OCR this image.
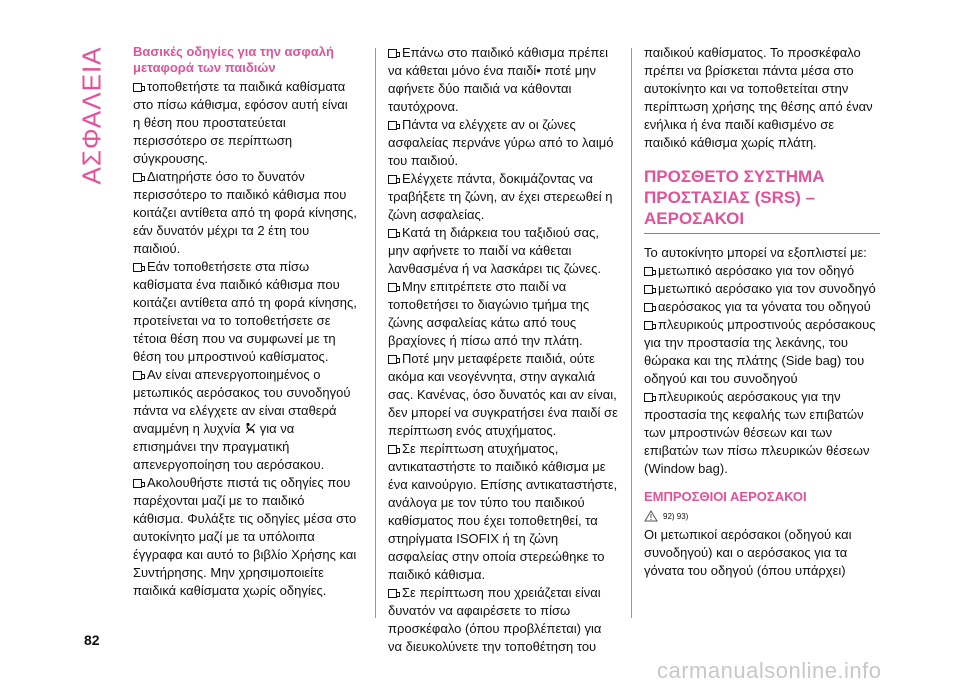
ΑΣΦΑΛΕΙΑ Βασικές οδηγίες για την ασφαλή μεταφορά των παιδιών

τοποθετήστε τα παιδικά καθίσματα στο πίσω κάθισμα, εφόσον αυτή είναι η θέση που προστατεύεται περισσότερο σε περίπτωση σύγκρουσης.

Διατηρήστε όσο το δυνατόν περισσότερο το παιδικό κάθισμα που κοιτάζει αντίθετα από τη φορά κίνησης, εάν δυνατόν μέχρι τα 2 έτη του παιδιού.

Εάν τοποθετήσετε στα πίσω καθίσματα ένα παιδικό κάθισμα που κοιτάζει αντίθετα από τη φορά κίνησης, προτείνεται να το τοποθετήσετε σε τέτοια θέση που να συμφωνεί με τη θέση του μπροστινού καθίσματος.

Αν είναι απενεργοποιημένος ο μετωπικός αερόσακος του συνοδηγού πάντα να ελέγχετε αν είναι σταθερά αναμμένη η λυχνία για να επισημάνει την πραγματική απενεργοποίηση του αερόσακου.

Ακολουθήστε πιστά τις οδηγίες που παρέχονται μαζί με το παιδικό κάθισμα. Φυλάξτε τις οδηγίες μέσα στο αυτοκίνητο μαζί με τα υπόλοιπα έγγραφα και αυτό το βιβλίο Χρήσης και Συντήρησης. Μην χρησιμοποιείτε παιδικά καθίσματα χωρίς οδηγίες.

Επάνω στο παιδικό κάθισμα πρέπει να κάθεται μόνο ένα παιδί• ποτέ μην αφήνετε δύο παιδιά να κάθονται ταυτόχρονα.

Πάντα να ελέγχετε αν οι ζώνες ασφαλείας περνάνε γύρω από το λαιμό του παιδιού.

Ελέγχετε πάντα, δοκιμάζοντας να τραβήξετε τη ζώνη, αν έχει στερεωθεί η ζώνη ασφαλείας.

Κατά τη διάρκεια του ταξιδιού σας, μην αφήνετε το παιδί να κάθεται λανθασμένα ή να λασκάρει τις ζώνες.

Μην επιτρέπετε στο παιδί να τοποθετήσει το διαγώνιο τμήμα της ζώνης ασφαλείας κάτω από τους βραχίονες ή πίσω από την πλάτη.

Ποτέ μην μεταφέρετε παιδιά, ούτε ακόμα και νεογέννητα, στην αγκαλιά σας. Κανένας, όσο δυνατός και αν είναι, δεν μπορεί να συγκρατήσει ένα παιδί σε περίπτωση ενός ατυχήματος.

Σε περίπτωση ατυχήματος, αντικαταστήστε το παιδικό κάθισμα με ένα καινούργιο. Επίσης αντικαταστήστε, ανάλογα με τον τύπο του παιδικού καθίσματος που έχει τοποθετηθεί, τα στηρίγματα ISOFIX ή τη ζώνη ασφαλείας στην οποία στερεώθηκε το παιδικό κάθισμα.

Σε περίπτωση που χρειάζεται είναι δυνατόν να αφαιρέσετε το πίσω προσκέφαλο (όπου προβλέπεται) για να διευκολύνετε την τοποθέτηση του

παιδικού καθίσματος. Το προσκέφαλο πρέπει να βρίσκεται πάντα μέσα στο αυτοκίνητο και να τοποθετείται στην περίπτωση χρήσης της θέσης από έναν ενήλικα ή ένα παιδί καθισμένο σε παιδικό κάθισμα χωρίς πλάτη.

ΠΡΟΣΘΕΤΟ ΣΥΣΤΗΜΑ ΠΡΟΣΤΑΣΙΑΣ (SRS) – ΑΕΡΟΣΑΚΟΙ

Το αυτοκίνητο μπορεί να εξοπλιστεί με:

μετωπικό αερόσακο για τον οδηγό

μετωπικό αερόσακο για τον συνοδηγό

αερόσακος για τα γόνατα του οδηγού

πλευρικούς μπροστινούς αερόσακους για την προστασία της λεκάνης, του θώρακα και της πλάτης (Side bag) του οδηγού και του συνοδηγού

πλευρικούς αερόσακους για την προστασία της κεφαλής των επιβατών των μπροστινών θέσεων και των επιβατών των πίσω πλευρικών θέσεων (Window bag).

ΕΜΠΡΟΣΘΙΟΙ ΑΕΡΟΣΑΚΟΙ

92) 93)

Οι μετωπικοί αερόσακοι (οδηγού και συνοδηγού) και ο αερόσακος για τα γόνατα του οδηγού (όπου υπάρχει)

82
carmanualsonline.info
